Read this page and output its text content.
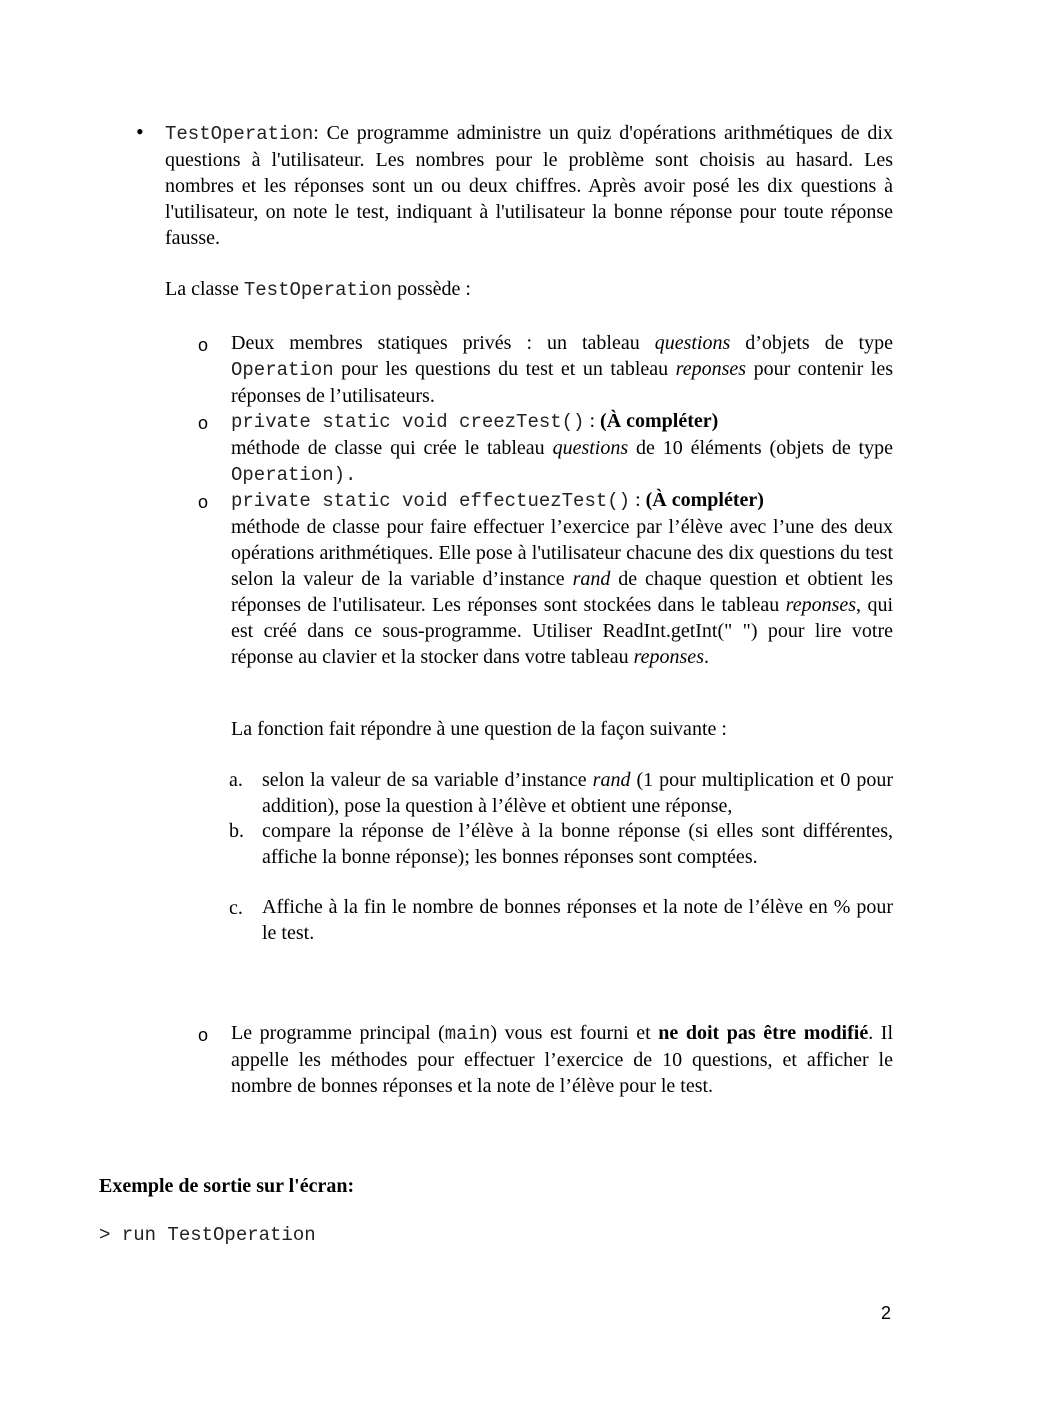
• TestOperation: Ce programme administre un quiz d'opérations arithmétiques de dix questions à l'utilisateur. Les nombres pour le problème sont choisis au hasard. Les nombres et les réponses sont un ou deux chiffres. Après avoir posé les dix questions à l'utilisateur, on note le test, indiquant à l'utilisateur la bonne réponse pour toute réponse fausse.

La classe TestOperation possède :

o Deux membres statiques privés : un tableau questions d’objets de type Operation pour les questions du test et un tableau reponses pour contenir les réponses de l’utilisateurs.

o private static void creezTest() : (À compléter)
méthode de classe qui crée le tableau questions de 10 éléments (objets de type Operation).

o private static void effectuezTest() : (À compléter)
méthode de classe pour faire effectuer l’exercice par l’élève avec l’une des deux opérations arithmétiques. Elle pose à l'utilisateur chacune des dix questions du test selon la valeur de la variable d’instance rand de chaque question et obtient les réponses de l'utilisateur. Les réponses sont stockées dans le tableau reponses, qui est créé dans ce sous-programme. Utiliser ReadInt.getInt(" ") pour lire votre réponse au clavier et la stocker dans votre tableau reponses.

La fonction fait répondre à une question de la façon suivante :

a. selon la valeur de sa variable d’instance rand (1 pour multiplication et 0 pour addition), pose la question à l’élève et obtient une réponse,

b. compare la réponse de l’élève à la bonne réponse (si elles sont différentes, affiche la bonne réponse); les bonnes réponses sont comptées.

c. Affiche à la fin le nombre de bonnes réponses et la note de l’élève en % pour le test.

o Le programme principal (main) vous est fourni et ne doit pas être modifié. Il appelle les méthodes pour effectuer l’exercice de 10 questions, et afficher le nombre de bonnes réponses et la note de l’élève pour le test.

Exemple de sortie sur l'écran:

> run TestOperation

2
